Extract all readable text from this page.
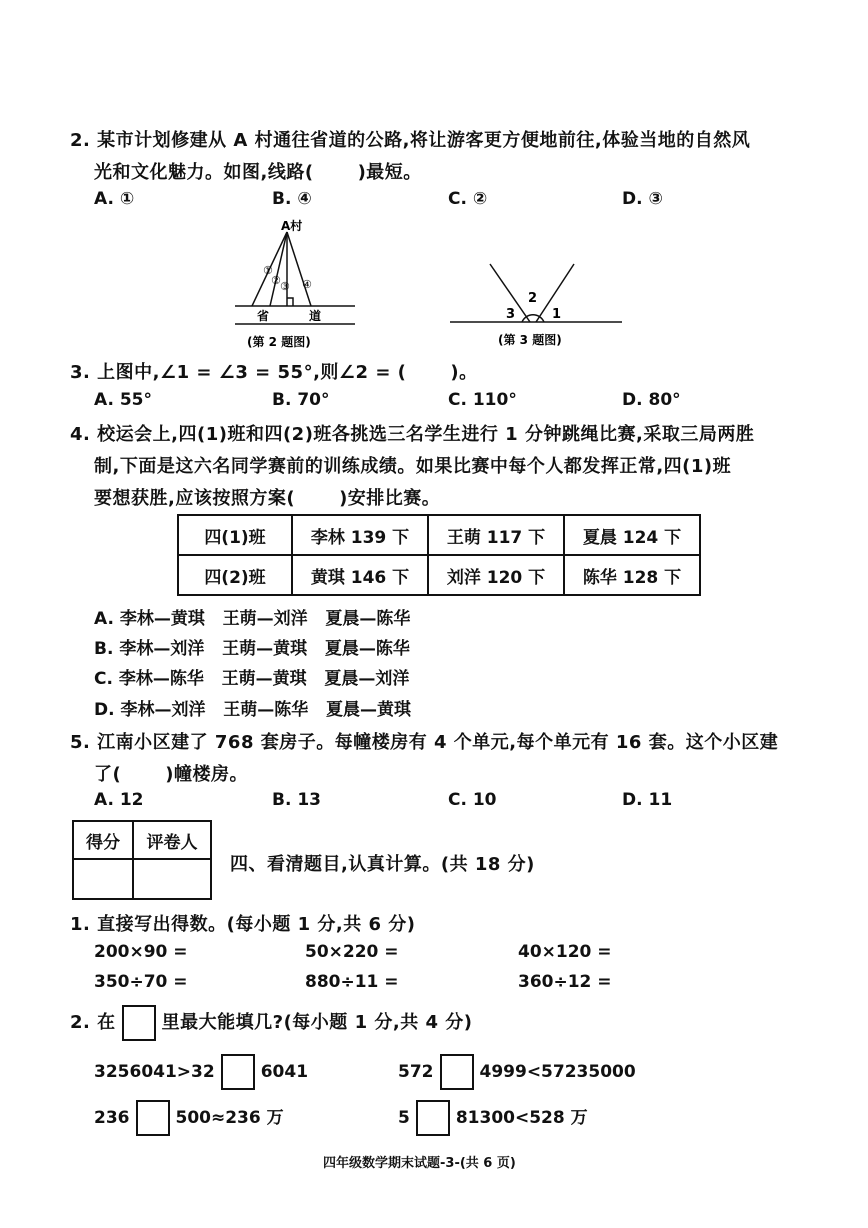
2. 某市计划修建从 A 村通往省道的公路,将让游客更方便地前往,体验当地的自然风
光和文化魅力。如图,线路( )最短。
A. ①	B. ④	C. ②	D. ③
A村
①
② ③ ④
省	道
(第 2 题图)
2
1
3
(第 3 题图)
3. 上图中,∠1 = ∠3 = 55°,则∠2 = ( )。
A. 55°	B. 70°	C. 110°	D. 80°
4. 校运会上,四(1)班和四(2)班各挑选三名学生进行 1 分钟跳绳比赛,采取三局两胜
制,下面是这六名同学赛前的训练成绩。如果比赛中每个人都发挥正常,四(1)班
要想获胜,应该按照方案( )安排比赛。
四(1)班	李林 139 下	王萌 117 下	夏晨 124 下
四(2)班	黄琪 146 下	刘洋 120 下	陈华 128 下
A. 李林—黄琪   王萌—刘洋   夏晨—陈华
B. 李林—刘洋   王萌—黄琪   夏晨—陈华
C. 李林—陈华   王萌—黄琪   夏晨—刘洋
D. 李林—刘洋   王萌—陈华   夏晨—黄琪
5. 江南小区建了 768 套房子。每幢楼房有 4 个单元,每个单元有 16 套。这个小区建
了( )幢楼房。
A. 12	B. 13	C. 10	D. 11
得分	评卷人

四、看清题目,认真计算。(共 18 分)
1. 直接写出得数。(每小题 1 分,共 6 分)
200×90 =	50×220 =	40×120 =
350÷70 =	880÷11 =	360÷12 =
2. 在	里最大能填几?(每小题 1 分,共 4 分)
3256041>32	6041	572	4999<57235000
236	500≈236 万	5	81300<528 万
四年级数学期末试题-3-(共 6 页)
